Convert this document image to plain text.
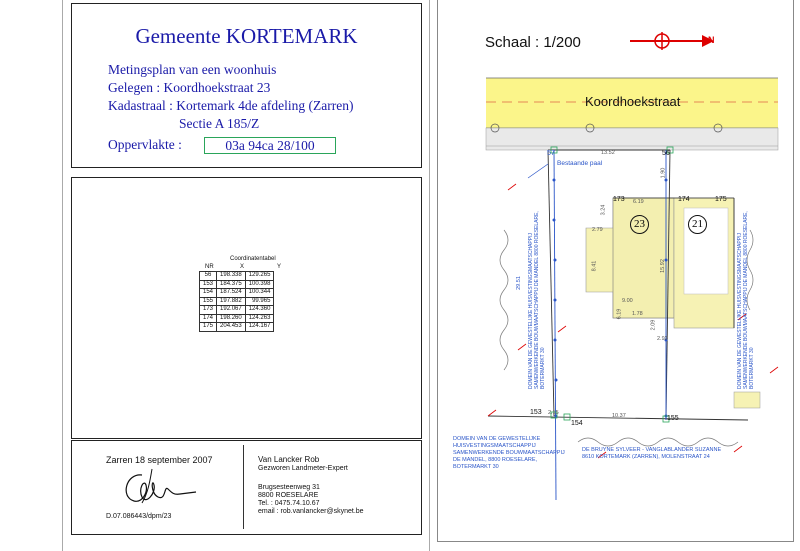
Gemeente KORTEMARK
Metingsplan van een woonhuis
Gelegen : Koordhoekstraat 23
Kadastraal : Kortemark 4de afdeling (Zarren)
Sectie A 185/Z
Oppervlakte :	03a 94ca 28/100
Coordinatentabel
NR	X	Y
56	198.338	129.265
153	184.375	100.398
154	187.524	100.344
155	197.882	99.965
173	192.067	124.360
174	198.260	124.263
175	204.453	124.167
Zarren 18 september 2007
D.07.086443/dpm/23
Van Lancker Rob
Gezworen Landmeter-Expert
Brugsesteenweg 31
8800 ROESELARE
Tel. : 0475.74.10.67
email : rob.vanlancker@skynet.be
Schaal : 1/200	N
Koordhoekstraat
Bestaande paal
57	56
173	174	175
153
154
155
23	21
13.52
6.19
2.79
8.41	15.92
1.90
3.24
9.00
1.78
2.09
2.92
2.15	10.37
29.51
6.19
DOMEIN VAN DE GEWESTELIJKE HUISVESTINGSMAATSCHAPPIJ SAMENWERKENDE BOUWMAATSCHAPPIJ DE MANDEL 8800 ROESELARE, BOTERMARKT 30	DOMEIN VAN DE GEWESTELIJKE HUISVESTINGSMAATSCHAPPIJ SAMENWERKENDE BOUWMAATSCHAPPIJ DE MANDEL 8800 ROESELARE, BOTERMARKT 30
DOMEIN VAN DE GEWESTELIJKE
HUISVESTINGSMAATSCHAPPIJ
SAMENWERKENDE BOUWMAATSCHAPPIJ
DE MANDEL, 8800 ROESELARE,
BOTERMARKT 30
DE BRUYNE SYLVEER - VANGLABLANDER SUZANNE
8610 KORTEMARK (ZARREN), MOLENSTRAAT 24
